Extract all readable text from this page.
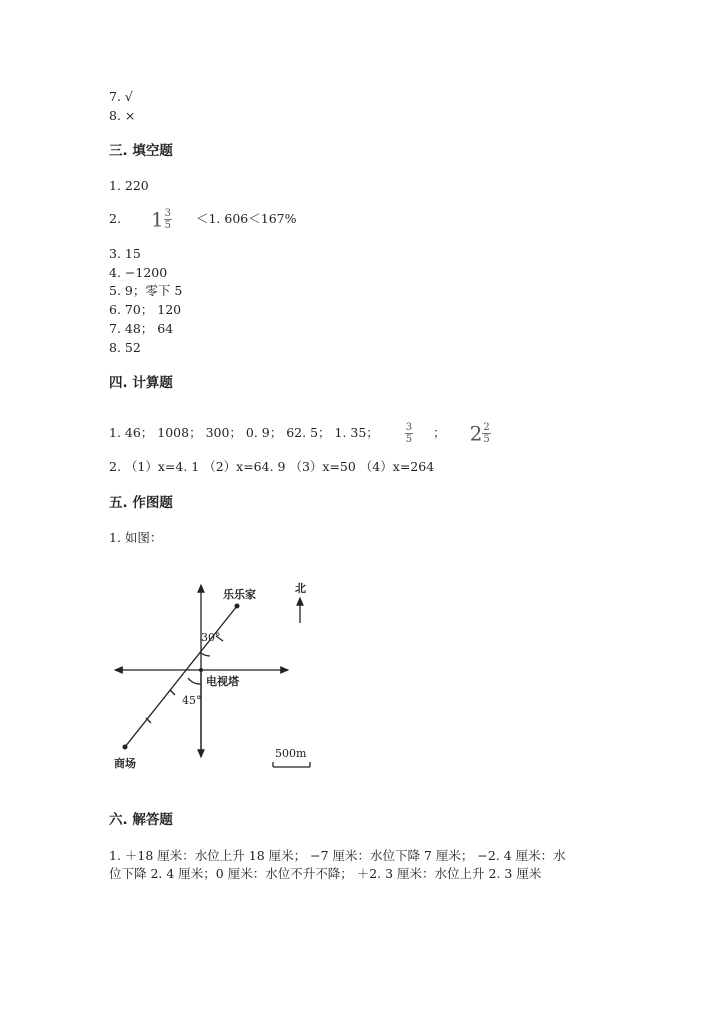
7. √
8. ×
三. 填空题
1. 220
2. $1 \frac{3}{5} <1$. 606＜167%
3. 15
4. −1200
5. 9；零下 5
6. 70； 120
7. 48； 64
8. 52
四. 计算题
1. 46； 1008； 300； 0. 9； 62. 5； 1. 35；	$\frac{3}{5}$ ； $2 \frac{2}{5}$
2. （1）x=4. 1 （2）x=64. 9 （3）x=50 （4）x=264
五. 作图题
1. 如图：
乐乐家	北
30°
电视塔
45°
商场
500m
六. 解答题
1. ＋18 厘米：水位上升 18 厘米； −7 厘米：水位下降 7 厘米； −2. 4 厘米：水
位下降 2. 4 厘米；0 厘米：水位不升不降； ＋2. 3 厘米：水位上升 2. 3 厘米
